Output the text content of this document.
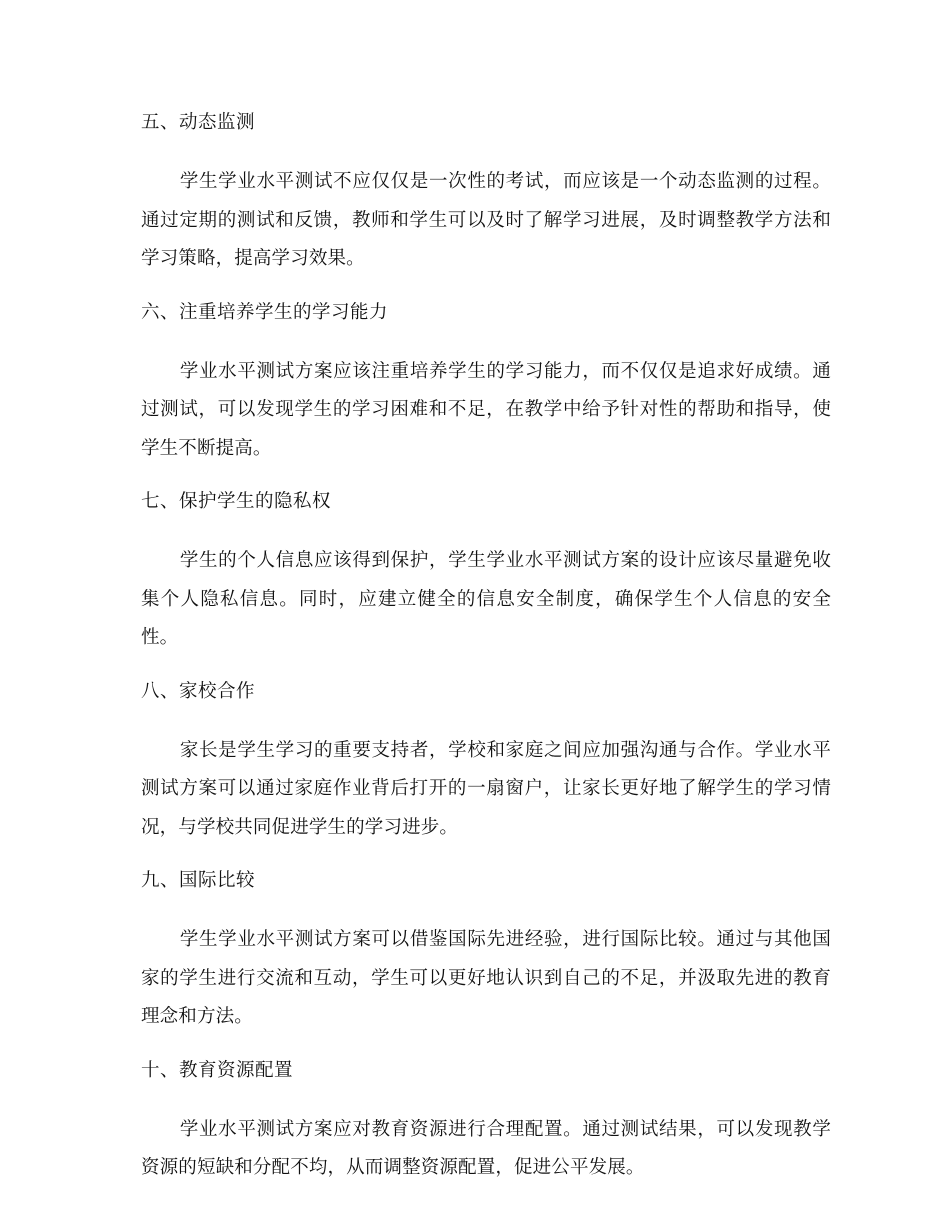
五、动态监测

学生学业水平测试不应仅仅是一次性的考试，而应该是一个动态监测的过程。通过定期的测试和反馈，教师和学生可以及时了解学习进展，及时调整教学方法和学习策略，提高学习效果。

六、注重培养学生的学习能力

学业水平测试方案应该注重培养学生的学习能力，而不仅仅是追求好成绩。通过测试，可以发现学生的学习困难和不足，在教学中给予针对性的帮助和指导，使学生不断提高。

七、保护学生的隐私权

学生的个人信息应该得到保护，学生学业水平测试方案的设计应该尽量避免收集个人隐私信息。同时，应建立健全的信息安全制度，确保学生个人信息的安全性。

八、家校合作

家长是学生学习的重要支持者，学校和家庭之间应加强沟通与合作。学业水平测试方案可以通过家庭作业背后打开的一扇窗户，让家长更好地了解学生的学习情况，与学校共同促进学生的学习进步。

九、国际比较

学生学业水平测试方案可以借鉴国际先进经验，进行国际比较。通过与其他国家的学生进行交流和互动，学生可以更好地认识到自己的不足，并汲取先进的教育理念和方法。

十、教育资源配置

学业水平测试方案应对教育资源进行合理配置。通过测试结果，可以发现教学资源的短缺和分配不均，从而调整资源配置，促进公平发展。
